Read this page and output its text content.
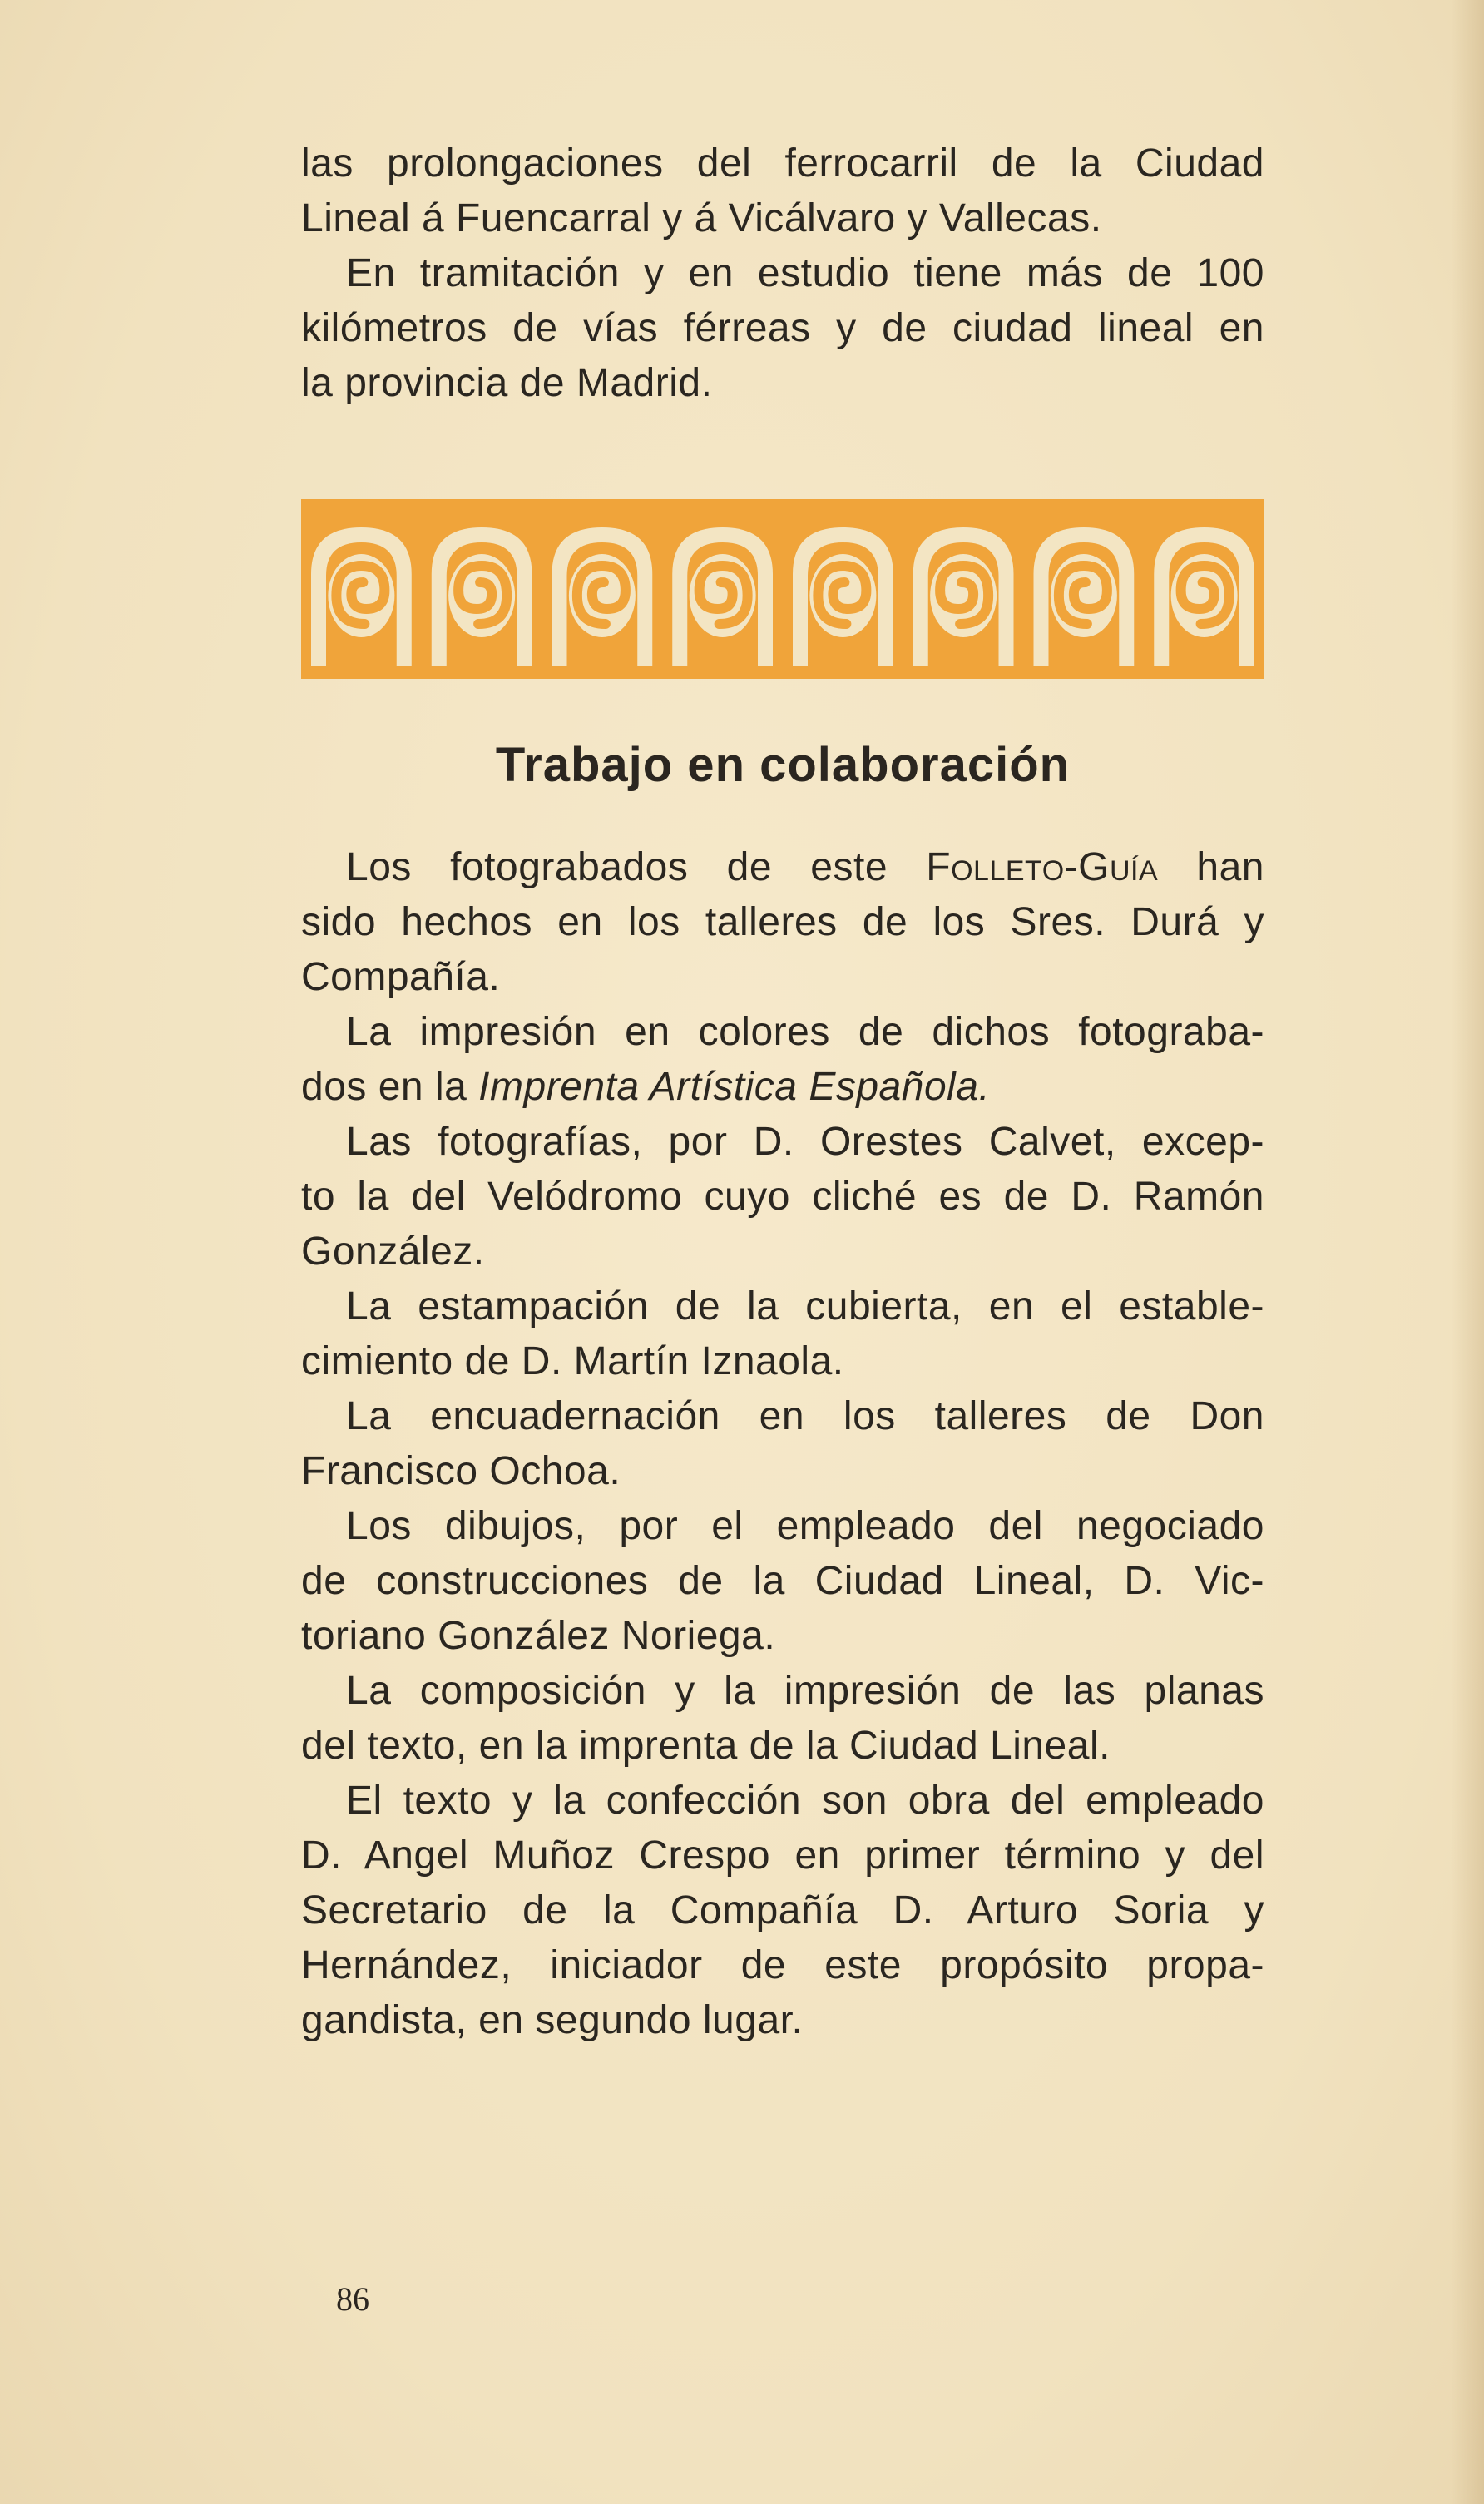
las prolongaciones del ferrocarril de la Ciudad
Lineal á Fuencarral y á Vicálvaro y Vallecas.
En tramitación y en estudio tiene más de 100
kilómetros de vías férreas y de ciudad lineal en
la provincia de Madrid.
Trabajo en colaboración
Los fotograbados de este Folleto-Guía han
sido hechos en los talleres de los Sres. Durá y
Compañía.
La impresión en colores de dichos fotograba-
dos en la Imprenta Artística Española.
Las fotografías, por D. Orestes Calvet, excep-
to la del Velódromo cuyo cliché es de D. Ramón
González.
La estampación de la cubierta, en el estable-
cimiento de D. Martín Iznaola.
La encuadernación en los talleres de Don
Francisco Ochoa.
Los dibujos, por el empleado del negociado
de construcciones de la Ciudad Lineal, D. Vic-
toriano González Noriega.
La composición y la impresión de las planas
del texto, en la imprenta de la Ciudad Lineal.
El texto y la confección son obra del empleado
D. Angel Muñoz Crespo en primer término y del
Secretario de la Compañía D. Arturo Soria y
Hernández, iniciador de este propósito propa-
gandista, en segundo lugar.
86
